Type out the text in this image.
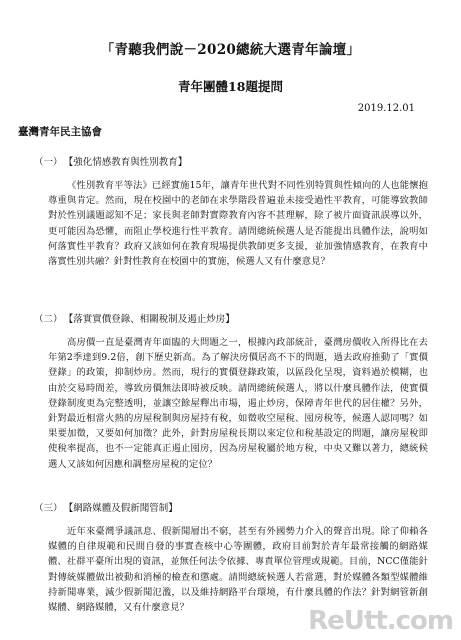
「青聽我們說－2020總統大選青年論壇」
青年團體18題提問
2019.12.01
臺灣青年民主協會
（一） 【強化情感教育與性別教育】

《性別教育平等法》已經實施15年，讓青年世代對不同性別特質與性傾向的人也能懷抱尊重與肯定。然而，現在校園中的老師在求學階段普遍並未接受過性平教育，可能導致教師對於性別議題認知不足；家長與老師對實際教育內容不甚理解，除了被片面資訊誤導以外，更可能因為恐懼，而阻止學校進行性平教育。請問總統候選人是否能提出具體作法，說明如何落實性平教育？政府又該如何在教育現場提供教師更多支援，並加強情感教育，在教育中落實性別共融？針對性教育在校園中的實施，候選人又有什麼意見？

（二） 【落實實價登錄、相關稅制及遏止炒房】

高房價一直是臺灣青年面臨的大問題之一，根據內政部統計，臺灣房價收入所得比在去年第2季達到9.2倍，創下歷史新高。為了解決房價居高不下的問題，過去政府推動了「實價登錄」的政策，抑制炒房。然而，現行的實價登錄政策，以區段化呈現，資料過於模糊，也由於交易時間差，導致房價無法即時被反映。請問總統候選人，將以什麼具體作法，使實價登錄制度更為完整透明，並讓空餘屋釋出市場，遏止炒房，保障青年世代的居住權？另外，針對最近相當火熱的房屋稅制與房屋持有稅，如徵收空屋稅、囤房稅等，候選人認同嗎？如果要加徵，又要如何加徵？此外，針對房屋稅長期以來定位和稅基設定的問題，讓房屋稅即使稅率提高，也不一定能真正遏止囤房，因為房屋稅屬於地方稅，中央又難以著力，總統候選人又該如何因應和調整房屋稅的定位？

（三） 【網路媒體及假新聞管制】

近年來臺灣爭議訊息、假新聞層出不窮，甚至有外國勢力介入的聲音出現。除了仰賴各媒體的自律規範和民間自發的事實查核中心等團體，政府目前對於青年最常接觸的網路媒體、社群平臺所出現的資訊，並無任何法令依據、專責單位管理或規範。目前，NCC僅能針對傳統媒體做出被動和消極的檢查和懲處。請問總統候選人若當選，對於媒體各類型媒體維持新聞專業，減少假新聞氾濫，以及維持網路平台環境，有什麼具體的作法？針對網管新創媒體、網路媒體，又有什麼意見？	ReUtt.com
